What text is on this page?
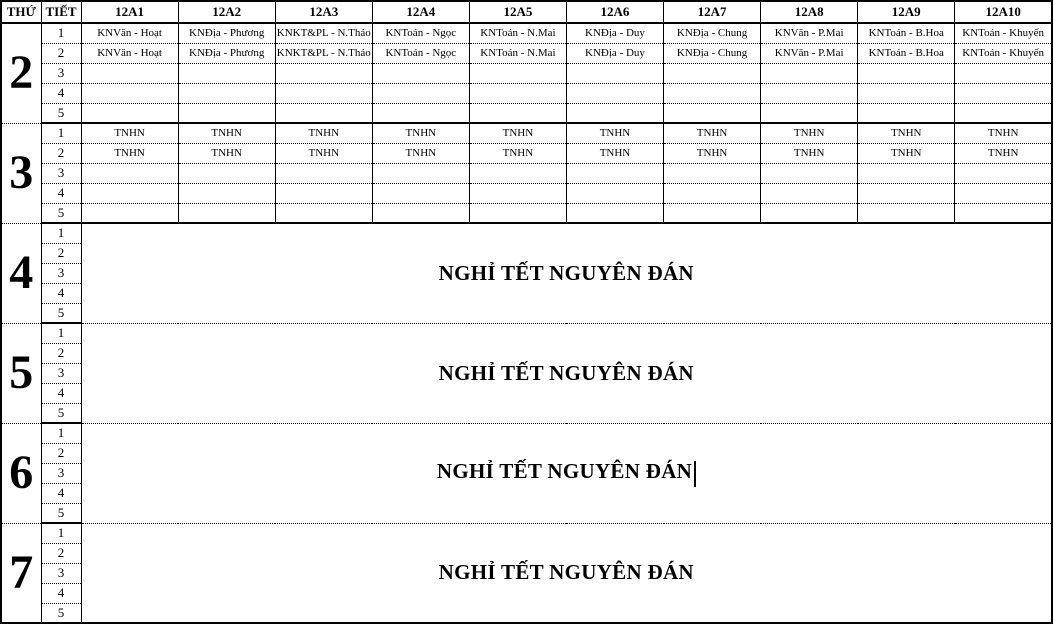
THỨ	TIẾT	12A1	12A2	12A3	12A4	12A5	12A6	12A7	12A8	12A9	12A10
2	1	KNVăn - Hoạt	KNĐịa - Phương	KNKT&PL - N.Thảo	KNToán - Ngọc	KNToán - N.Mai	KNĐịa - Duy	KNĐịa - Chung	KNVăn - P.Mai	KNToán - B.Hoa	KNToán - Khuyến
	2	KNVăn - Hoạt	KNĐịa - Phương	KNKT&PL - N.Thảo	KNToán - Ngọc	KNToán - N.Mai	KNĐịa - Duy	KNĐịa - Chung	KNVăn - P.Mai	KNToán - B.Hoa	KNToán - Khuyến
	3										
	4										
	5										
3	1	TNHN	TNHN	TNHN	TNHN	TNHN	TNHN	TNHN	TNHN	TNHN	TNHN
	2	TNHN	TNHN	TNHN	TNHN	TNHN	TNHN	TNHN	TNHN	TNHN	TNHN
	3										
	4										
	5										
4	1	NGHỈ TẾT NGUYÊN ĐÁN									
	2										
	3										
	4										
	5										
5	1	NGHỈ TẾT NGUYÊN ĐÁN									
	2										
	3										
	4										
	5										
6	1	NGHỈ TẾT NGUYÊN ĐÁN									
	2										
	3										
	4										
	5										
7	1	NGHỈ TẾT NGUYÊN ĐÁN									
	2										
	3										
	4										
	5										
